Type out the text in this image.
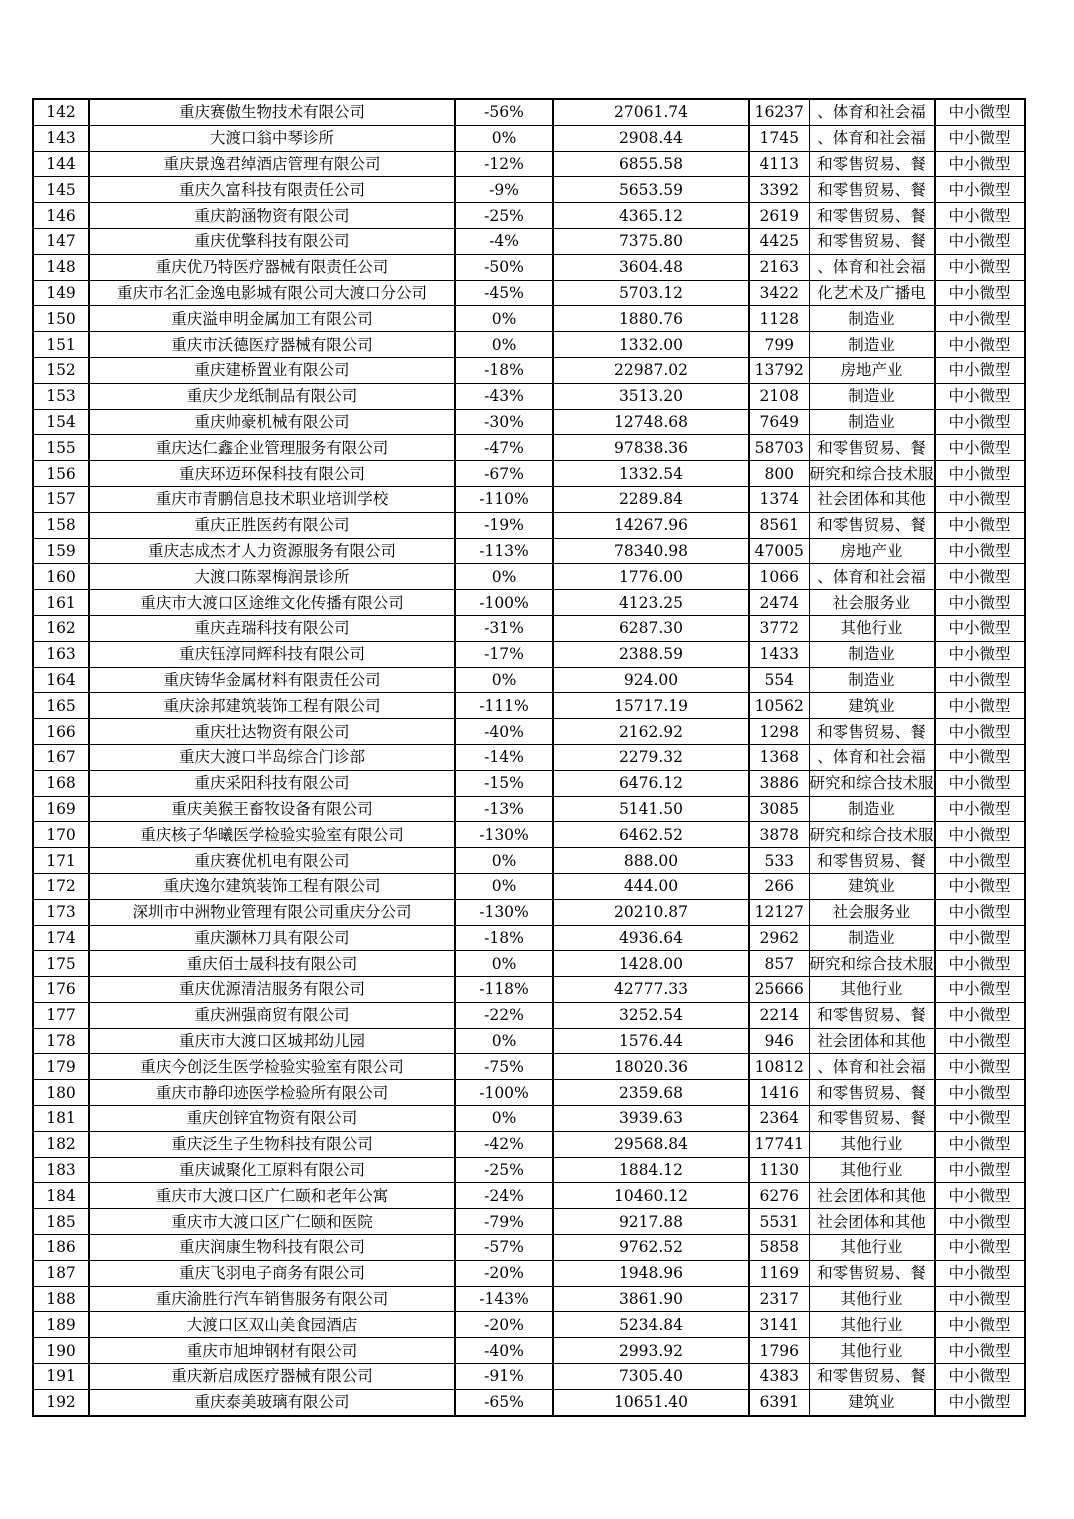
142	重庆赛傲生物技术有限公司	-56%	27061.74	16237	、体育和社会福	中小微型
143	大渡口翁中琴诊所	0%	2908.44	1745	、体育和社会福	中小微型
144	重庆景逸君绰酒店管理有限公司	-12%	6855.58	4113	和零售贸易、餐	中小微型
145	重庆久富科技有限责任公司	-9%	5653.59	3392	和零售贸易、餐	中小微型
146	重庆韵涵物资有限公司	-25%	4365.12	2619	和零售贸易、餐	中小微型
147	重庆优擎科技有限公司	-4%	7375.80	4425	和零售贸易、餐	中小微型
148	重庆优乃特医疗器械有限责任公司	-50%	3604.48	2163	、体育和社会福	中小微型
149	重庆市名汇金逸电影城有限公司大渡口分公司	-45%	5703.12	3422	化艺术及广播电	中小微型
150	重庆溢申明金属加工有限公司	0%	1880.76	1128	制造业	中小微型
151	重庆市沃德医疗器械有限公司	0%	1332.00	799	制造业	中小微型
152	重庆建桥置业有限公司	-18%	22987.02	13792	房地产业	中小微型
153	重庆少龙纸制品有限公司	-43%	3513.20	2108	制造业	中小微型
154	重庆帅豪机械有限公司	-30%	12748.68	7649	制造业	中小微型
155	重庆达仁鑫企业管理服务有限公司	-47%	97838.36	58703	和零售贸易、餐	中小微型
156	重庆环迈环保科技有限公司	-67%	1332.54	800	研究和综合技术服	中小微型
157	重庆市青鹏信息技术职业培训学校	-110%	2289.84	1374	社会团体和其他	中小微型
158	重庆正胜医药有限公司	-19%	14267.96	8561	和零售贸易、餐	中小微型
159	重庆志成杰才人力资源服务有限公司	-113%	78340.98	47005	房地产业	中小微型
160	大渡口陈翠梅润景诊所	0%	1776.00	1066	、体育和社会福	中小微型
161	重庆市大渡口区途维文化传播有限公司	-100%	4123.25	2474	社会服务业	中小微型
162	重庆垚瑞科技有限公司	-31%	6287.30	3772	其他行业	中小微型
163	重庆钰淳同辉科技有限公司	-17%	2388.59	1433	制造业	中小微型
164	重庆铸华金属材料有限责任公司	0%	924.00	554	制造业	中小微型
165	重庆涂邦建筑装饰工程有限公司	-111%	15717.19	10562	建筑业	中小微型
166	重庆壮达物资有限公司	-40%	2162.92	1298	和零售贸易、餐	中小微型
167	重庆大渡口半岛综合门诊部	-14%	2279.32	1368	、体育和社会福	中小微型
168	重庆采阳科技有限公司	-15%	6476.12	3886	研究和综合技术服	中小微型
169	重庆美猴王畜牧设备有限公司	-13%	5141.50	3085	制造业	中小微型
170	重庆核子华曦医学检验实验室有限公司	-130%	6462.52	3878	研究和综合技术服	中小微型
171	重庆赛优机电有限公司	0%	888.00	533	和零售贸易、餐	中小微型
172	重庆逸尔建筑装饰工程有限公司	0%	444.00	266	建筑业	中小微型
173	深圳市中洲物业管理有限公司重庆分公司	-130%	20210.87	12127	社会服务业	中小微型
174	重庆灏林刀具有限公司	-18%	4936.64	2962	制造业	中小微型
175	重庆佰士晟科技有限公司	0%	1428.00	857	研究和综合技术服	中小微型
176	重庆优源清洁服务有限公司	-118%	42777.33	25666	其他行业	中小微型
177	重庆洲强商贸有限公司	-22%	3252.54	2214	和零售贸易、餐	中小微型
178	重庆市大渡口区城邦幼儿园	0%	1576.44	946	社会团体和其他	中小微型
179	重庆今创泛生医学检验实验室有限公司	-75%	18020.36	10812	、体育和社会福	中小微型
180	重庆市静印迹医学检验所有限公司	-100%	2359.68	1416	和零售贸易、餐	中小微型
181	重庆创锌宜物资有限公司	0%	3939.63	2364	和零售贸易、餐	中小微型
182	重庆泛生子生物科技有限公司	-42%	29568.84	17741	其他行业	中小微型
183	重庆诚聚化工原料有限公司	-25%	1884.12	1130	其他行业	中小微型
184	重庆市大渡口区广仁颐和老年公寓	-24%	10460.12	6276	社会团体和其他	中小微型
185	重庆市大渡口区广仁颐和医院	-79%	9217.88	5531	社会团体和其他	中小微型
186	重庆润康生物科技有限公司	-57%	9762.52	5858	其他行业	中小微型
187	重庆飞羽电子商务有限公司	-20%	1948.96	1169	和零售贸易、餐	中小微型
188	重庆渝胜行汽车销售服务有限公司	-143%	3861.90	2317	其他行业	中小微型
189	大渡口区双山美食园酒店	-20%	5234.84	3141	其他行业	中小微型
190	重庆市旭坤钢材有限公司	-40%	2993.92	1796	其他行业	中小微型
191	重庆新启成医疗器械有限公司	-91%	7305.40	4383	和零售贸易、餐	中小微型
192	重庆泰美玻璃有限公司	-65%	10651.40	6391	建筑业	中小微型
